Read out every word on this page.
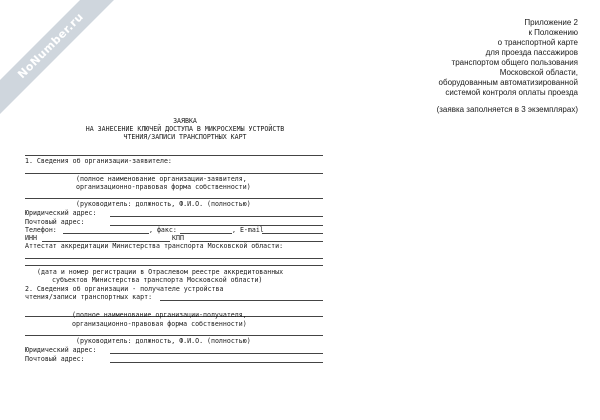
NoNumber.ru	Приложение 2
к Положению
о транспортной карте
для проезда пассажиров
транспортом общего пользования
Московской области,
оборудованным автоматизированной
системой контроля оплаты проезда
(заявка заполняется в 3 экземплярах)
ЗАЯВКА
НА ЗАНЕСЕНИЕ КЛЮЧЕЙ ДОСТУПА В МИКРОСХЕМЫ УСТРОЙСТВ
ЧТЕНИЯ/ЗАПИСИ ТРАНСПОРТНЫХ КАРТ
1. Сведения об организации-заявителе:
(полное наименование организации-заявителя,
организационно-правовая форма собственности)
(руководитель: должность, Ф.И.О. (полностью)
Юридический адрес:
Почтовый адрес:
Телефон:	, факс:	, E-mail
ИНН	КПП
Аттестат аккредитации Министерства транспорта Московской области:
(дата и номер регистрации в Отраслевом реестре аккредитованных
субъектов Министерства транспорта Московской области)
2. Сведения об организации - получателе устройства
чтения/записи транспортных карт:
(полное наименование организации-получателя,
организационно-правовая форма собственности)
(руководитель: должность, Ф.И.О. (полностью)
Юридический адрес:
Почтовый адрес:
